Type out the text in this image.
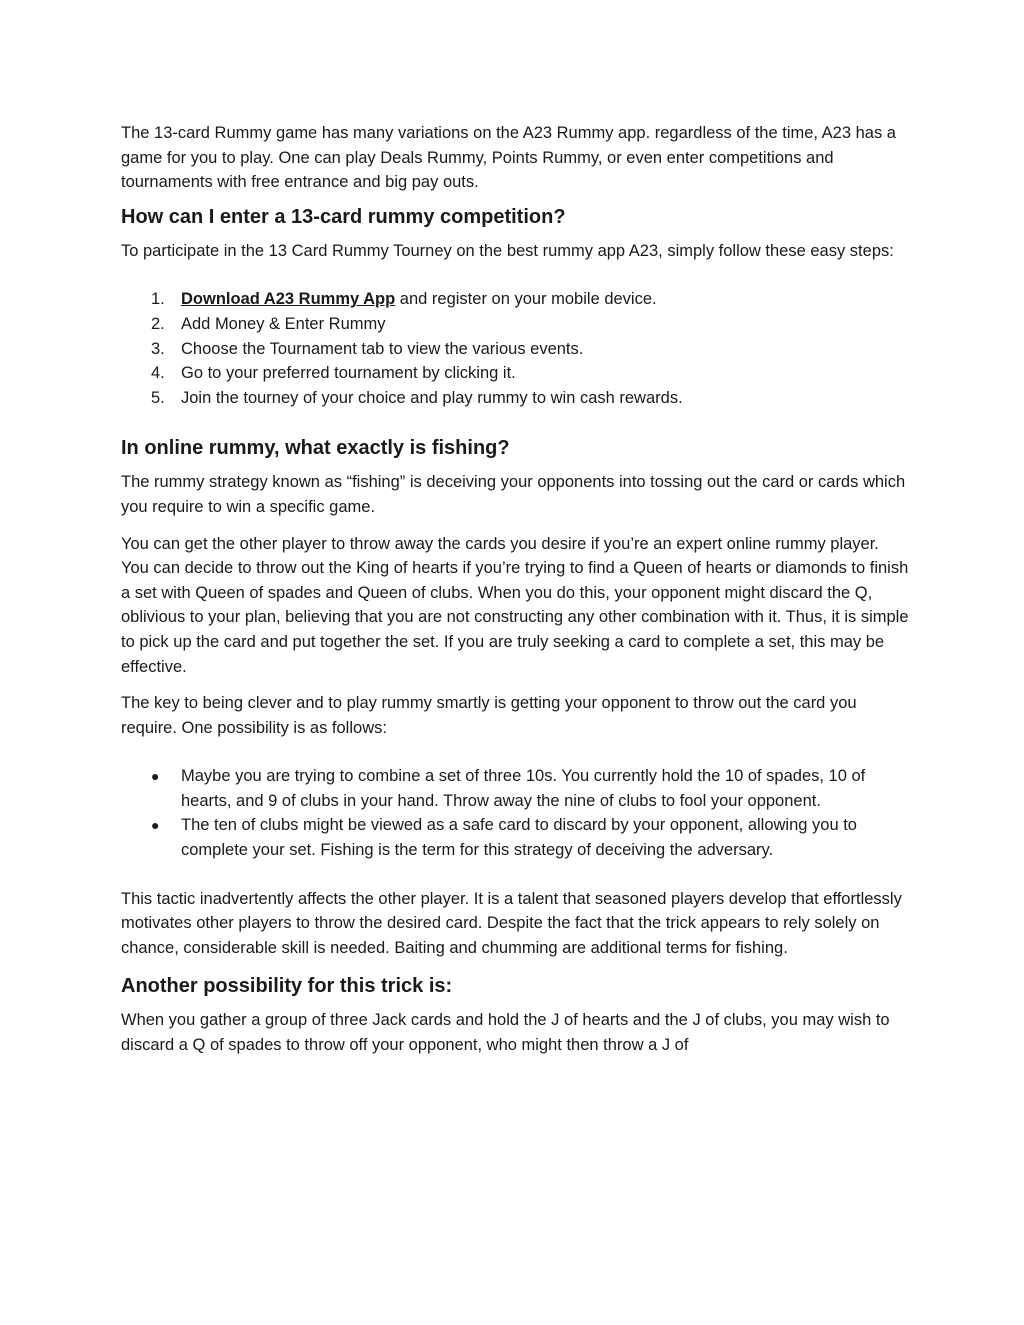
The 13-card Rummy game has many variations on the A23 Rummy app. regardless of the time, A23 has a game for you to play. One can play Deals Rummy, Points Rummy, or even enter competitions and tournaments with free entrance and big pay outs.

How can I enter a 13-card rummy competition?

To participate in the 13 Card Rummy Tourney on the best rummy app A23, simply follow these easy steps:

1. Download A23 Rummy App and register on your mobile device.
2. Add Money & Enter Rummy
3. Choose the Tournament tab to view the various events.
4. Go to your preferred tournament by clicking it.
5. Join the tourney of your choice and play rummy to win cash rewards.
In online rummy, what exactly is fishing?

The rummy strategy known as “fishing” is deceiving your opponents into tossing out the card or cards which you require to win a specific game.

You can get the other player to throw away the cards you desire if you’re an expert online rummy player. You can decide to throw out the King of hearts if you’re trying to find a Queen of hearts or diamonds to finish a set with Queen of spades and Queen of clubs. When you do this, your opponent might discard the Q, oblivious to your plan, believing that you are not constructing any other combination with it. Thus, it is simple to pick up the card and put together the set. If you are truly seeking a card to complete a set, this may be effective.

The key to being clever and to play rummy smartly is getting your opponent to throw out the card you require. One possibility is as follows:

●	Maybe you are trying to combine a set of three 10s. You currently hold the 10 of spades, 10 of hearts, and 9 of clubs in your hand. Throw away the nine of clubs to fool your opponent.
●	The ten of clubs might be viewed as a safe card to discard by your opponent, allowing you to complete your set. Fishing is the term for this strategy of deceiving the adversary.

This tactic inadvertently affects the other player. It is a talent that seasoned players develop that effortlessly motivates other players to throw the desired card. Despite the fact that the trick appears to rely solely on chance, considerable skill is needed. Baiting and chumming are additional terms for fishing.

Another possibility for this trick is:

When you gather a group of three Jack cards and hold the J of hearts and the J of clubs, you may wish to discard a Q of spades to throw off your opponent, who might then throw a J of
